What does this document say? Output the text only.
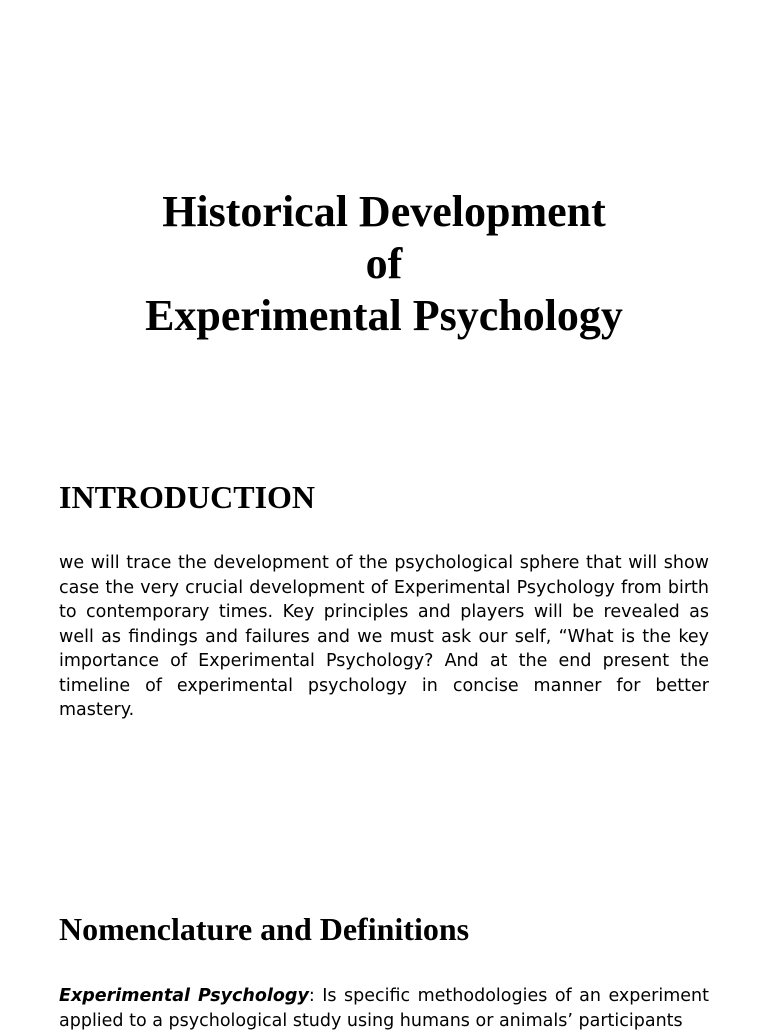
Historical Development
of
Experimental Psychology
INTRODUCTION
we will trace the development of the psychological sphere that will show case the very crucial development of Experimental Psychology from birth to contemporary times. Key principles and players will be revealed as well as findings and failures and we must ask our self, “What is the key importance of Experimental Psychology? And at the end present the timeline of experimental psychology in concise manner for better mastery.
Nomenclature and Definitions
Experimental Psychology: Is specific methodologies of an experiment applied to a psychological study using humans or animals’ participants
